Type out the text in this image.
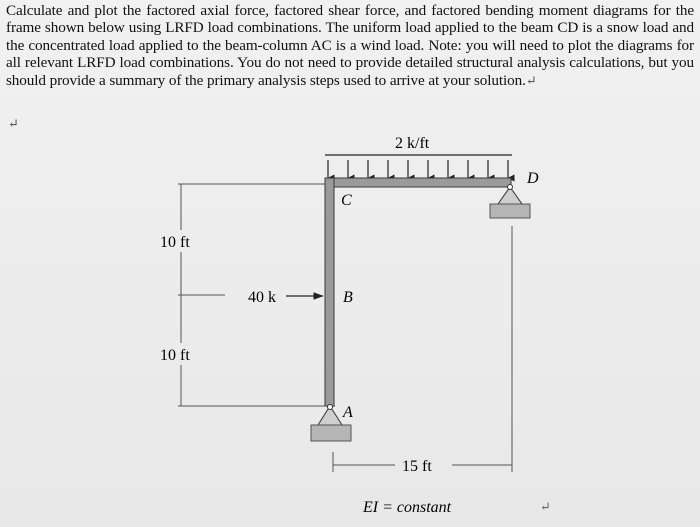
Calculate and plot the factored axial force, factored shear force, and factored bending moment diagrams for the frame shown below using LRFD load combinations. The uniform load applied to the beam CD is a snow load and the concentrated load applied to the beam-column AC is a wind load. Note: you will need to plot the diagrams for all relevant LRFD load combinations. You do not need to provide detailed structural analysis calculations, but you should provide a summary of the primary analysis steps used to arrive at your solution.↵
↵
2 k/ft
D
C
B
A
40 k
10 ft
10 ft
15 ft
EI = constant	↵
